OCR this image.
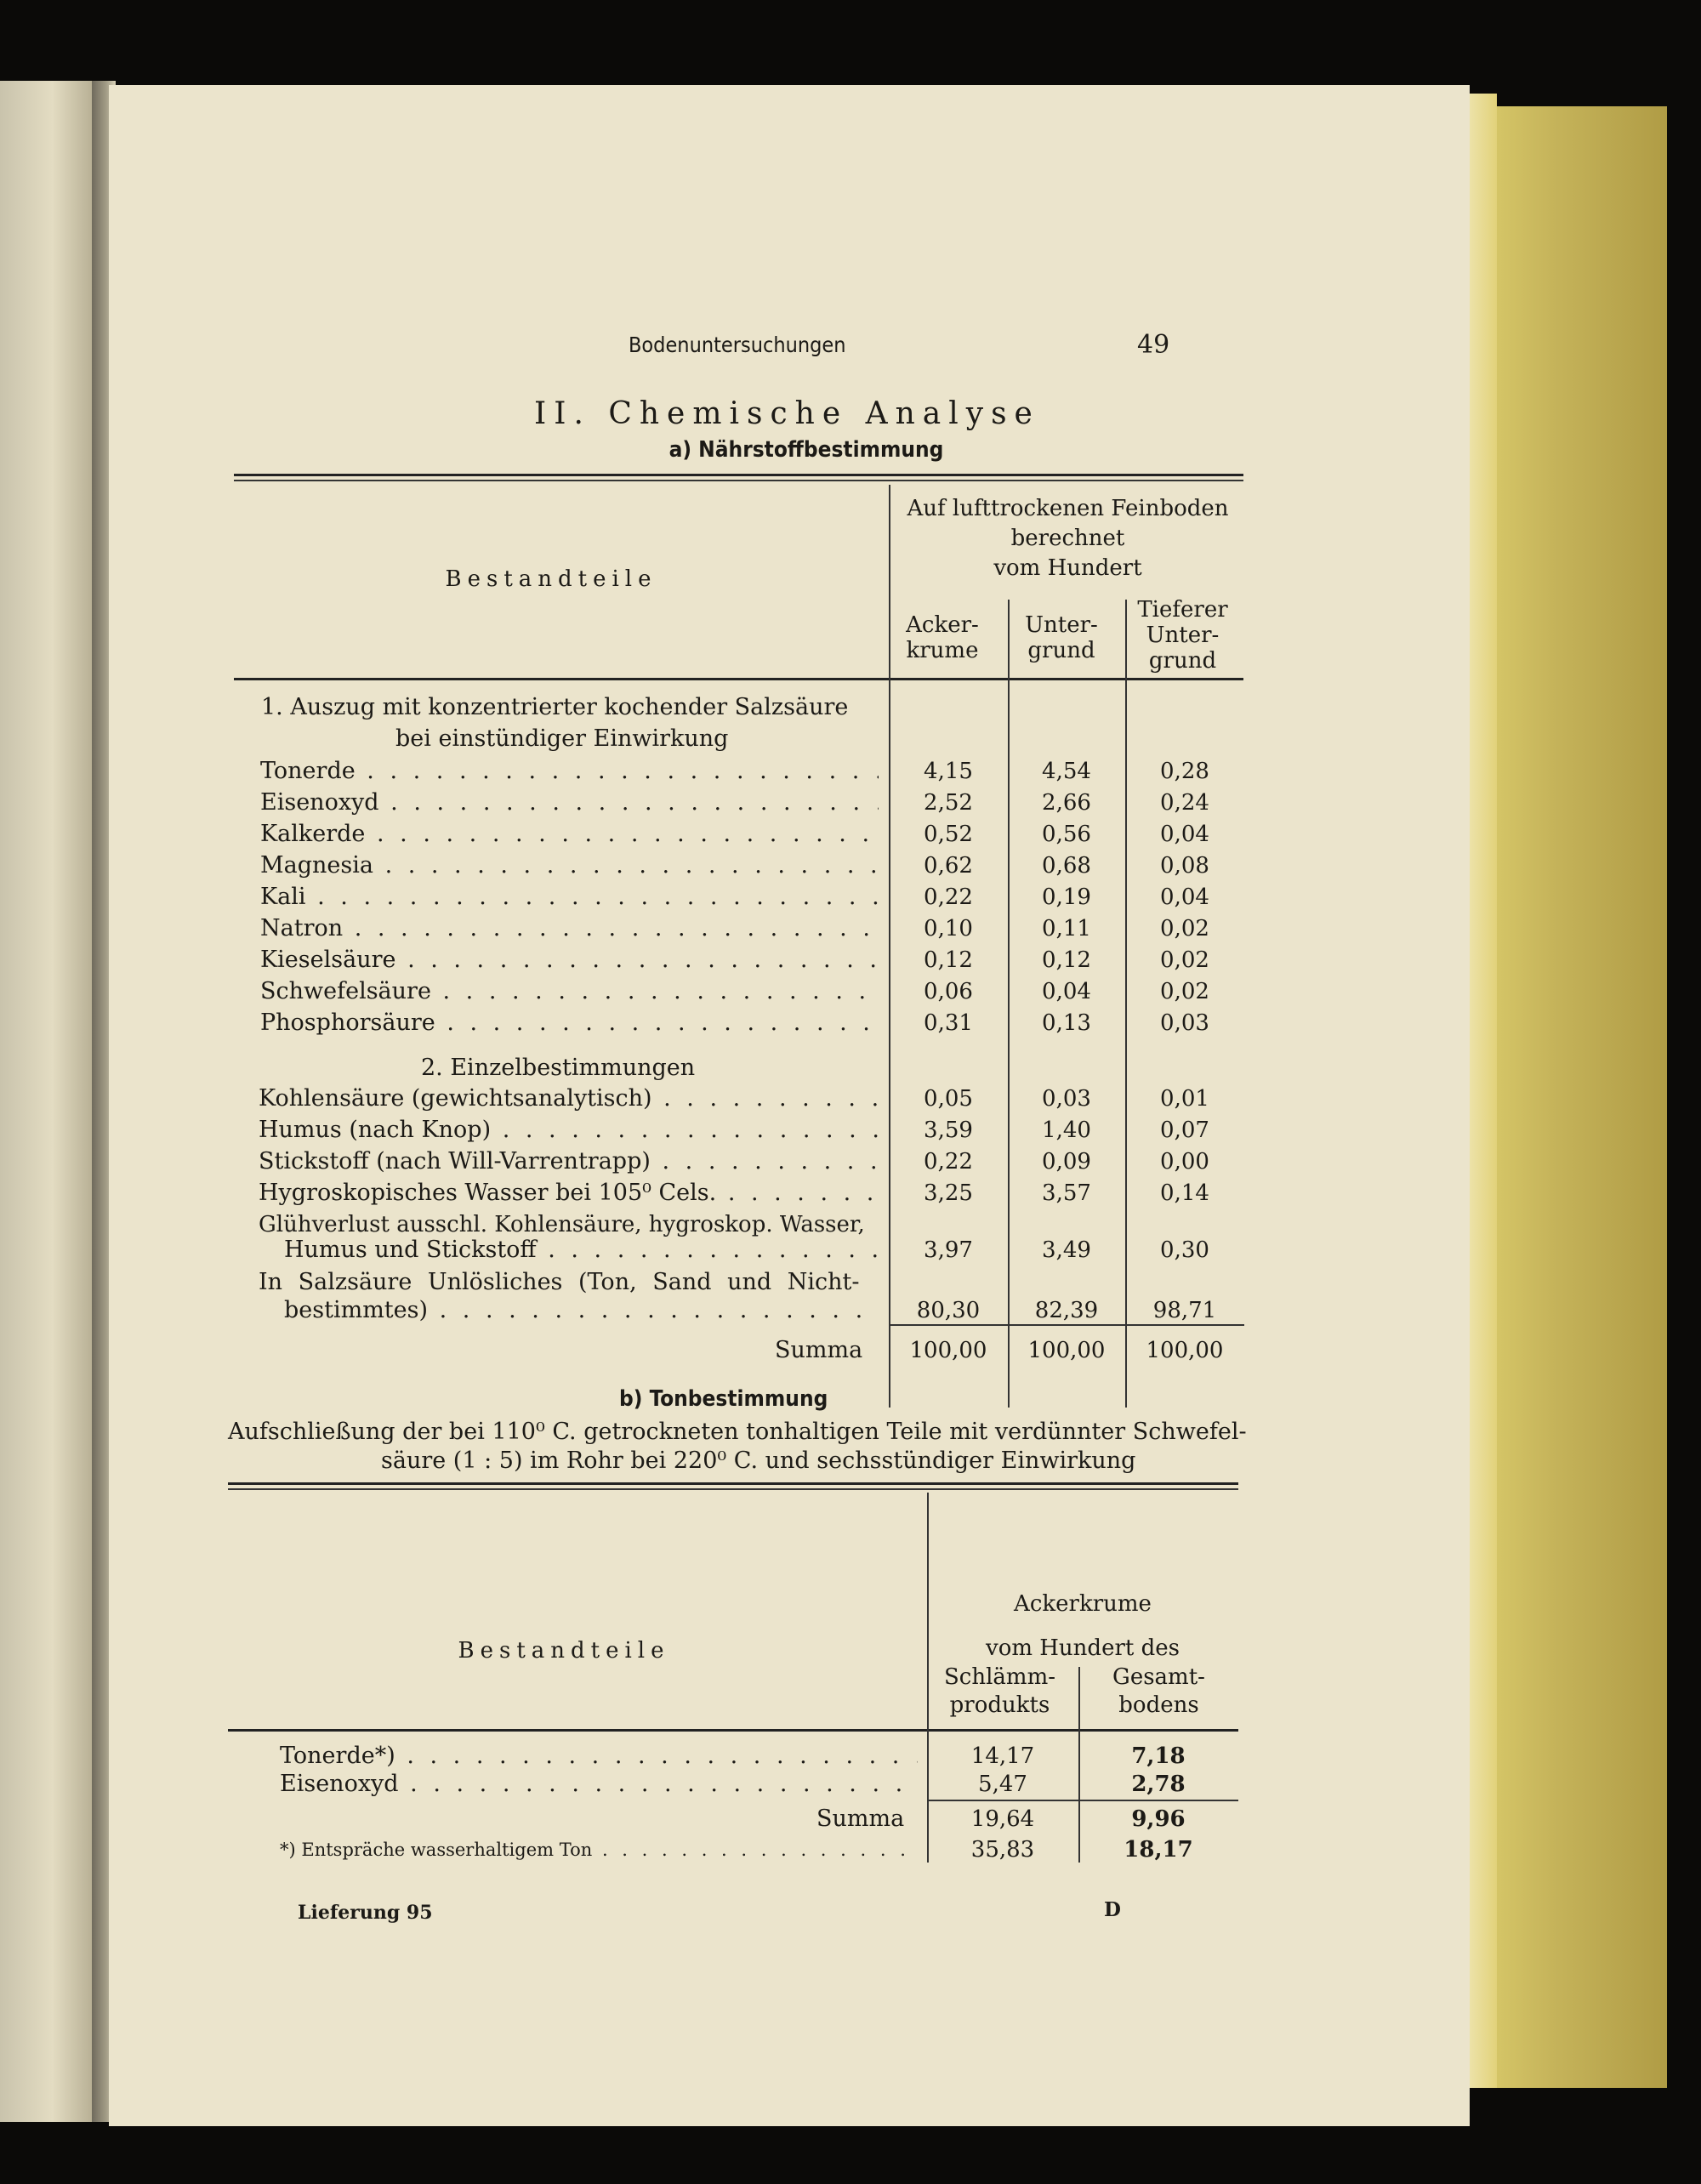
Bodenuntersuchungen	49
II. Chemische Analyse
a) Nährstoffbestimmung
Bestandteile
Auf lufttrockenen Feinboden
berechnet
vom Hundert
Acker-
krume
Unter-
grund
Tieferer
Unter-
grund
1. Auszug mit konzentrierter kochender Salzsäure
bei einstündiger Einwirkung
Tonerde . . .	4,15	4,54	0,28
Eisenoxyd . . .	2,52	2,66	0,24
Kalkerde . . .	0,52	0,56	0,04
Magnesia . . .	0,62	0,68	0,08
Kali . . .	0,22	0,19	0,04
Natron . . .	0,10	0,11	0,02
Kieselsäure . . .	0,12	0,12	0,02
Schwefelsäure . . .	0,06	0,04	0,02
Phosphorsäure . . .	0,31	0,13	0,03
2. Einzelbestimmungen
Kohlensäure (gewichtsanalytisch) . . .	0,05	0,03	0,01
Humus (nach Knop) . . .	3,59	1,40	0,07
Stickstoff (nach Will-Varrentrapp) . . .	0,22	0,09	0,00
Hygroskopisches Wasser bei 105⁰ Cels. . . .	3,25	3,57	0,14
Glühverlust ausschl. Kohlensäure, hygroskop. Wasser,
Humus und Stickstoff . . .	3,97	3,49	0,30
In Salzsäure Unlösliches (Ton, Sand und Nicht-
bestimmtes) . . .	80,30	82,39	98,71
Summa	100,00	100,00	100,00
b) Tonbestimmung
Aufschließung der bei 110⁰ C. getrockneten tonhaltigen Teile mit verdünnter Schwefel-
säure (1 : 5) im Rohr bei 220⁰ C. und sechsstündiger Einwirkung
Bestandteile
Ackerkrume
vom Hundert des
Schlämm-
produkts
Gesamt-
bodens
Tonerde*) . . .	14,17	7,18
Eisenoxyd . . .	5,47	2,78
Summa	19,64	9,96
*) Entspräche wasserhaltigem Ton . . .	35,83	18,17
Lieferung 95	D
